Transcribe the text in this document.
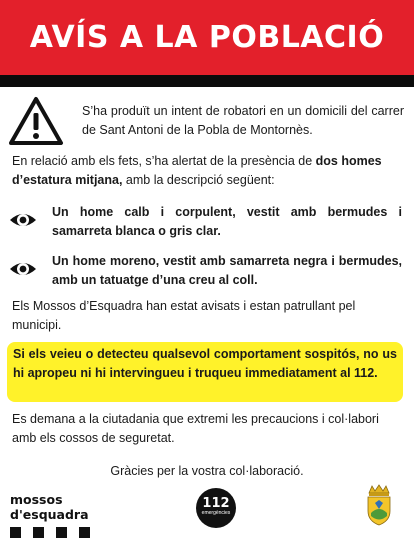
AVÍS A LA POBLACIÓ
S’ha produït un intent de robatori en un domicili del carrer de Sant Antoni de la Pobla de Montornès.
En relació amb els fets, s’ha alertat de la presència de dos homes d’estatura mitjana, amb la descripció següent:
Un home calb i corpulent, vestit amb bermudes i samarreta blanca o gris clar.
Un home moreno, vestit amb samarreta negra i bermudes, amb un tatuatge d’una creu al coll.
Els Mossos d’Esquadra han estat avisats i estan patrullant pel municipi.
Si els veieu o detecteu qualsevol comportament sospitós, no us hi apropeu ni hi intervingueu i truqueu immediatament al 112.
Es demana a la ciutadania que extremi les precaucions i col·labori amb els cossos de seguretat.
Gràcies per la vostra col·laboració.
mossos d'esquadra
112
emergències
